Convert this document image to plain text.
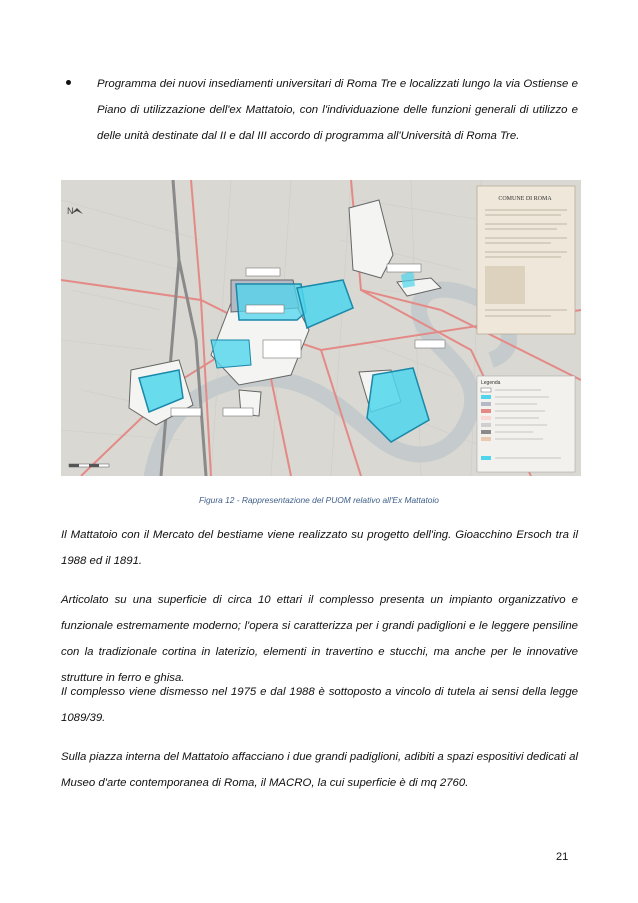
Programma dei nuovi insediamenti universitari di Roma Tre e localizzati lungo la via Ostiense e Piano di utilizzazione dell'ex Mattatoio, con l'individuazione delle funzioni generali di utilizzo e delle unità destinate dal II e dal III accordo di programma all'Università di Roma Tre.

COMUNE DI ROMA
Legenda
N
Figura 12 - Rappresentazione del PUOM relativo all'Ex Mattatoio

Il Mattatoio con il Mercato del bestiame viene realizzato su progetto dell'ing. Gioacchino Ersoch tra il 1988 ed il 1891.

Articolato su una superficie di circa 10 ettari il complesso presenta un impianto organizzativo e funzionale estremamente moderno; l'opera si caratterizza per i grandi padiglioni e le leggere pensiline con la tradizionale cortina in laterizio, elementi in travertino e stucchi, ma anche per le innovative strutture in ferro e ghisa.

Il complesso viene dismesso nel 1975 e dal 1988 è sottoposto a vincolo di tutela ai sensi della legge 1089/39.

Sulla piazza interna del Mattatoio affacciano i due grandi padiglioni, adibiti a spazi espositivi dedicati al Museo d'arte contemporanea di Roma, il MACRO, la cui superficie è di mq 2760.

21
